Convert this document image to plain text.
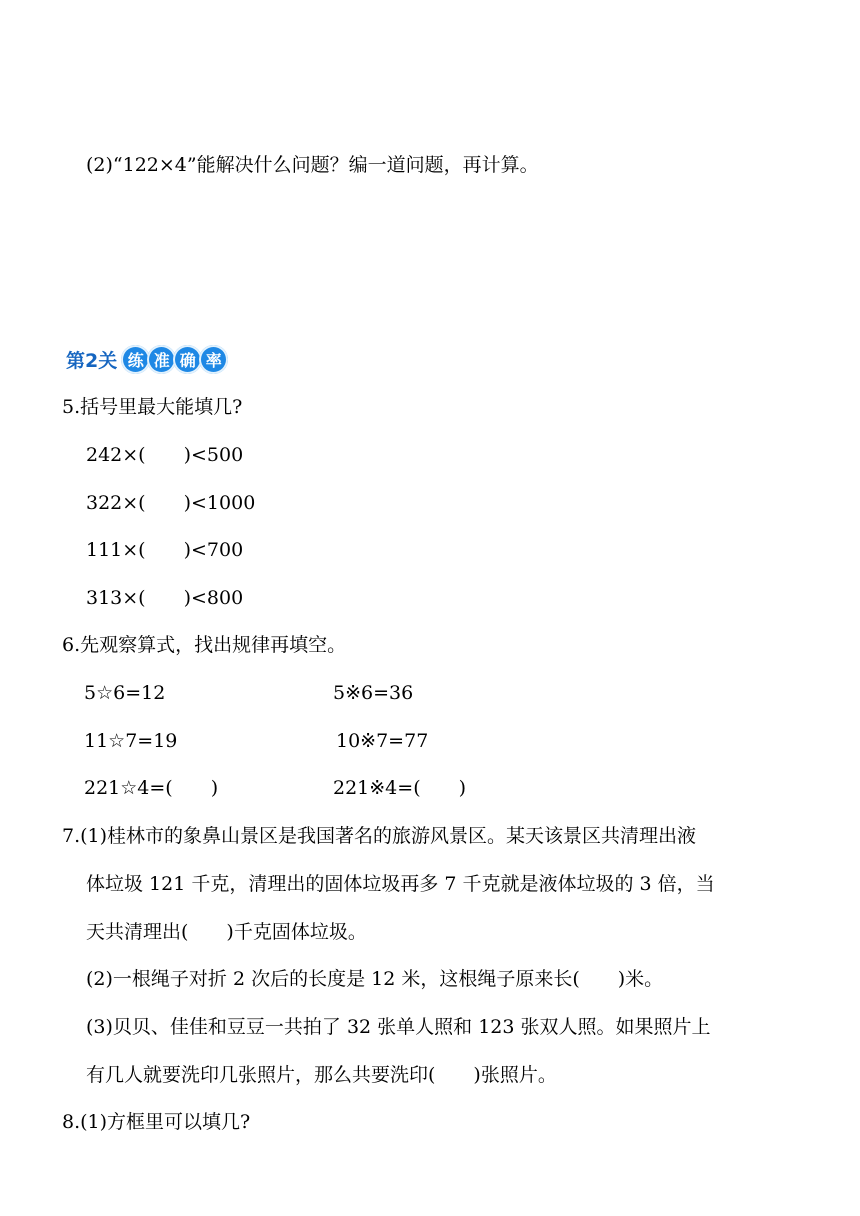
(2)“122×4”能解决什么问题？编一道问题，再计算。
第2关 练 准 确 率
5.括号里最大能填几?
242×(　　)<500
322×(　　)<1000
111×(　　)<700
313×(　　)<800
6.先观察算式，找出规律再填空。
5☆6=12	5※6=36
11☆7=19	10※7=77
221☆4=(　　)	221※4=(　　)
7.(1)桂林市的象鼻山景区是我国著名的旅游风景区。某天该景区共清理出液
体垃圾 121 千克，清理出的固体垃圾再多 7 千克就是液体垃圾的 3 倍，当
天共清理出(　　)千克固体垃圾。
(2)一根绳子对折 2 次后的长度是 12 米，这根绳子原来长(　　)米。
(3)贝贝、佳佳和豆豆一共拍了 32 张单人照和 123 张双人照。如果照片上
有几人就要洗印几张照片，那么共要洗印(　　)张照片。
8.(1)方框里可以填几?
